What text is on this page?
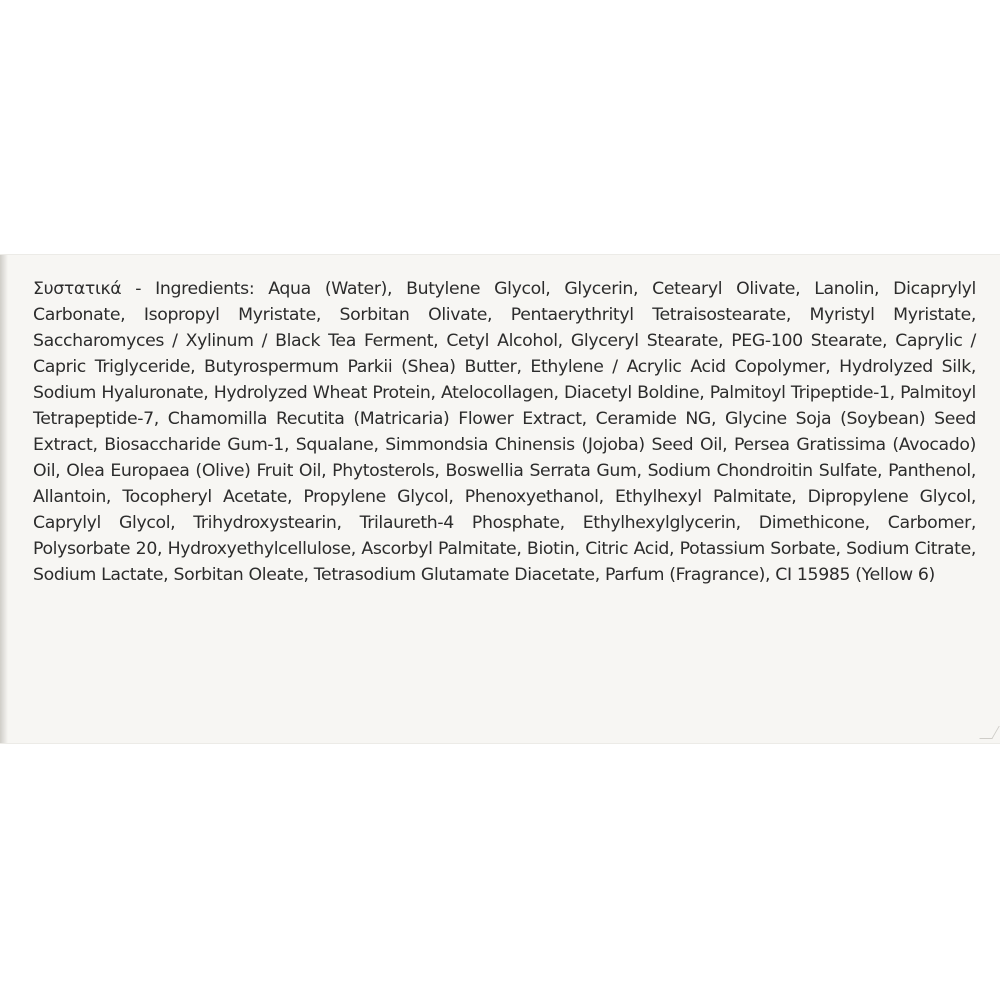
Συστατικά - Ingredients: Aqua (Water), Butylene Glycol, Glycerin, Cetearyl Olivate, Lanolin, Dicaprylyl Carbonate, Isopropyl Myristate, Sorbitan Olivate, Pentaerythrityl Tetraisostearate, Myristyl Myristate, Saccharomyces / Xylinum / Black Tea Ferment, Cetyl Alcohol, Glyceryl Stearate, PEG-100 Stearate, Caprylic / Capric Triglyceride, Butyrospermum Parkii (Shea) Butter, Ethylene / Acrylic Acid Copolymer, Hydrolyzed Silk, Sodium Hyaluronate, Hydrolyzed Wheat Protein, Atelocollagen, Diacetyl Boldine, Palmitoyl Tripeptide-1, Palmitoyl Tetrapeptide-7, Chamomilla Recutita (Matricaria) Flower Extract, Ceramide NG, Glycine Soja (Soybean) Seed Extract, Biosaccharide Gum-1, Squalane, Simmondsia Chinensis (Jojoba) Seed Oil, Persea Gratissima (Avocado) Oil, Olea Europaea (Olive) Fruit Oil, Phytosterols, Boswellia Serrata Gum, Sodium Chondroitin Sulfate, Panthenol, Allantoin, Tocopheryl Acetate, Propylene Glycol, Phenoxyethanol, Ethylhexyl Palmitate, Dipropylene Glycol, Caprylyl Glycol, Trihydroxystearin, Trilaureth-4 Phosphate, Ethylhexylglycerin, Dimethicone, Carbomer, Polysorbate 20, Hydroxyethylcellulose, Ascorbyl Palmitate, Biotin, Citric Acid, Potassium Sorbate, Sodium Citrate, Sodium Lactate, Sorbitan Oleate, Tetrasodium Glutamate Diacetate, Parfum (Fragrance), CI 15985 (Yellow 6)
